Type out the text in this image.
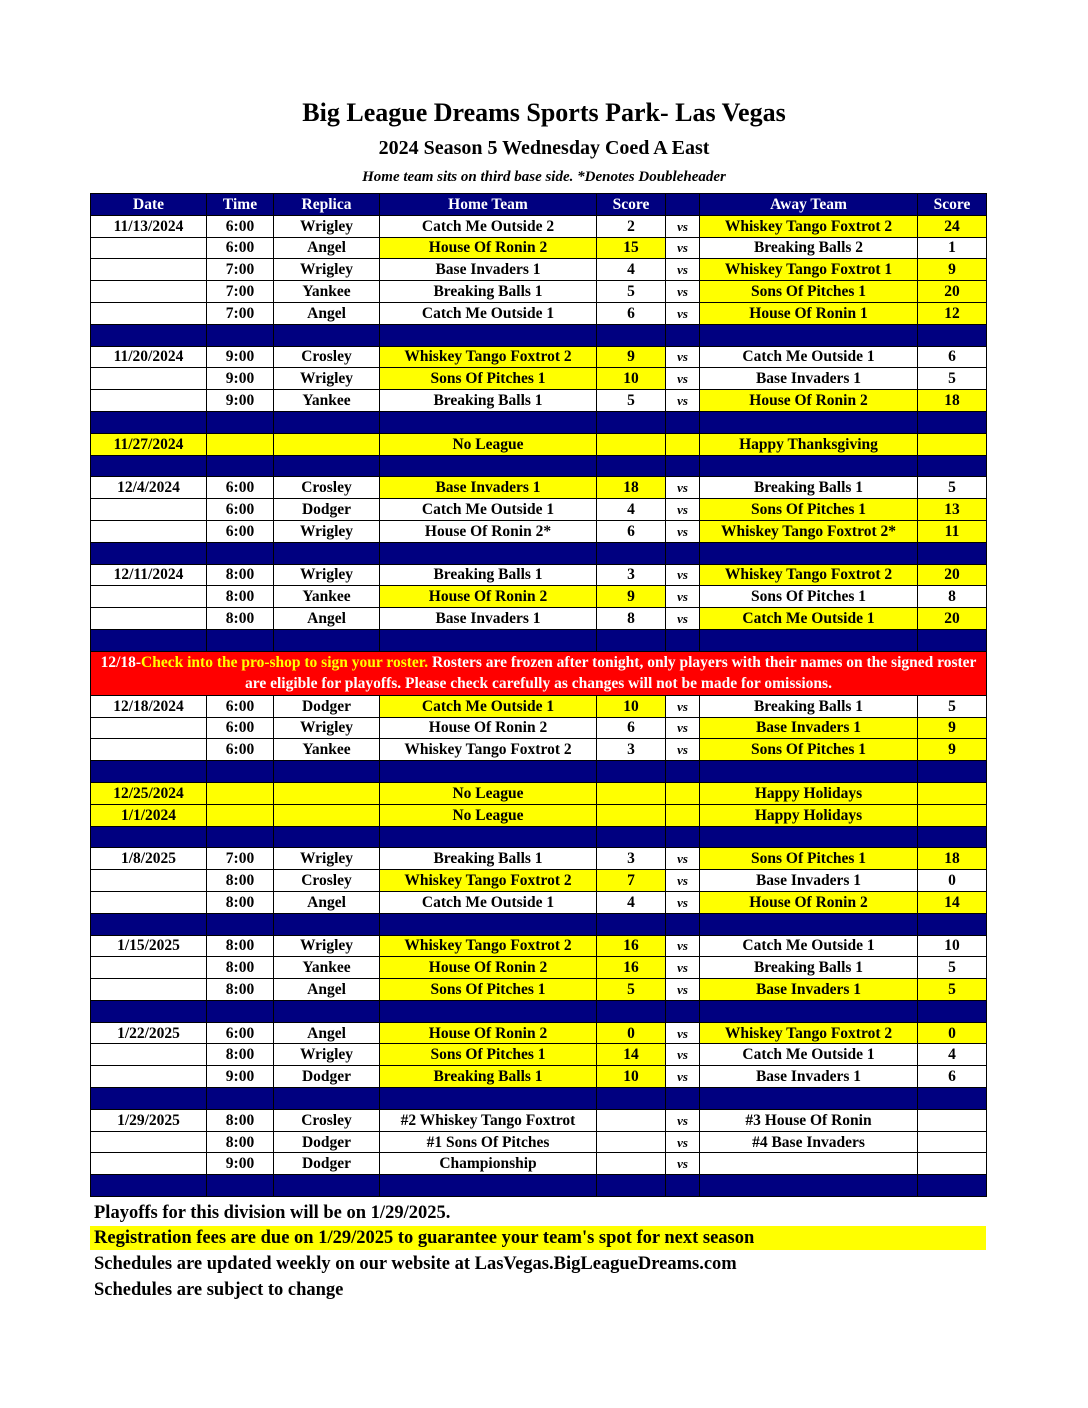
Big League Dreams Sports Park- Las Vegas
2024 Season 5 Wednesday Coed A East
Home team sits on third base side. *Denotes Doubleheader
Date	Time	Replica	Home Team	Score		Away Team	Score
11/13/2024	6:00	Wrigley	Catch Me Outside 2	2	vs	Whiskey Tango Foxtrot 2	24
	6:00	Angel	House Of Ronin 2	15	vs	Breaking Balls 2	1
	7:00	Wrigley	Base Invaders 1	4	vs	Whiskey Tango Foxtrot 1	9
	7:00	Yankee	Breaking Balls 1	5	vs	Sons Of Pitches 1	20
	7:00	Angel	Catch Me Outside 1	6	vs	House Of Ronin 1	12

11/20/2024	9:00	Crosley	Whiskey Tango Foxtrot 2	9	vs	Catch Me Outside 1	6
	9:00	Wrigley	Sons Of Pitches 1	10	vs	Base Invaders 1	5
	9:00	Yankee	Breaking Balls 1	5	vs	House Of Ronin 2	18

11/27/2024			No League			Happy Thanksgiving	

12/4/2024	6:00	Crosley	Base Invaders 1	18	vs	Breaking Balls 1	5
	6:00	Dodger	Catch Me Outside 1	4	vs	Sons Of Pitches 1	13
	6:00	Wrigley	House Of Ronin 2*	6	vs	Whiskey Tango Foxtrot 2*	11

12/11/2024	8:00	Wrigley	Breaking Balls 1	3	vs	Whiskey Tango Foxtrot 2	20
	8:00	Yankee	House Of Ronin 2	9	vs	Sons Of Pitches 1	8
	8:00	Angel	Base Invaders 1	8	vs	Catch Me Outside 1	20

12/18-Check into the pro-shop to sign your roster. Rosters are frozen after tonight, only players with their names on the signed roster are eligible for playoffs. Please check carefully as changes will not be made for omissions.							
12/18/2024	6:00	Dodger	Catch Me Outside 1	10	vs	Breaking Balls 1	5
	6:00	Wrigley	House Of Ronin 2	6	vs	Base Invaders 1	9
	6:00	Yankee	Whiskey Tango Foxtrot 2	3	vs	Sons Of Pitches 1	9

12/25/2024			No League			Happy Holidays	
1/1/2024			No League			Happy Holidays	

1/8/2025	7:00	Wrigley	Breaking Balls 1	3	vs	Sons Of Pitches 1	18
	8:00	Crosley	Whiskey Tango Foxtrot 2	7	vs	Base Invaders 1	0
	8:00	Angel	Catch Me Outside 1	4	vs	House Of Ronin 2	14

1/15/2025	8:00	Wrigley	Whiskey Tango Foxtrot 2	16	vs	Catch Me Outside 1	10
	8:00	Yankee	House Of Ronin 2	16	vs	Breaking Balls 1	5
	8:00	Angel	Sons Of Pitches 1	5	vs	Base Invaders 1	5

1/22/2025	6:00	Angel	House Of Ronin 2	0	vs	Whiskey Tango Foxtrot 2	0
	8:00	Wrigley	Sons Of Pitches 1	14	vs	Catch Me Outside 1	4
	9:00	Dodger	Breaking Balls 1	10	vs	Base Invaders 1	6

1/29/2025	8:00	Crosley	#2 Whiskey Tango Foxtrot		vs	#3 House Of Ronin	
	8:00	Dodger	#1 Sons Of Pitches		vs	#4 Base Invaders	
	9:00	Dodger	Championship		vs		

Playoffs for this division will be on 1/29/2025.
Registration fees are due on 1/29/2025 to guarantee your team's spot for next season
Schedules are updated weekly on our website at LasVegas.BigLeagueDreams.com
Schedules are subject to change
